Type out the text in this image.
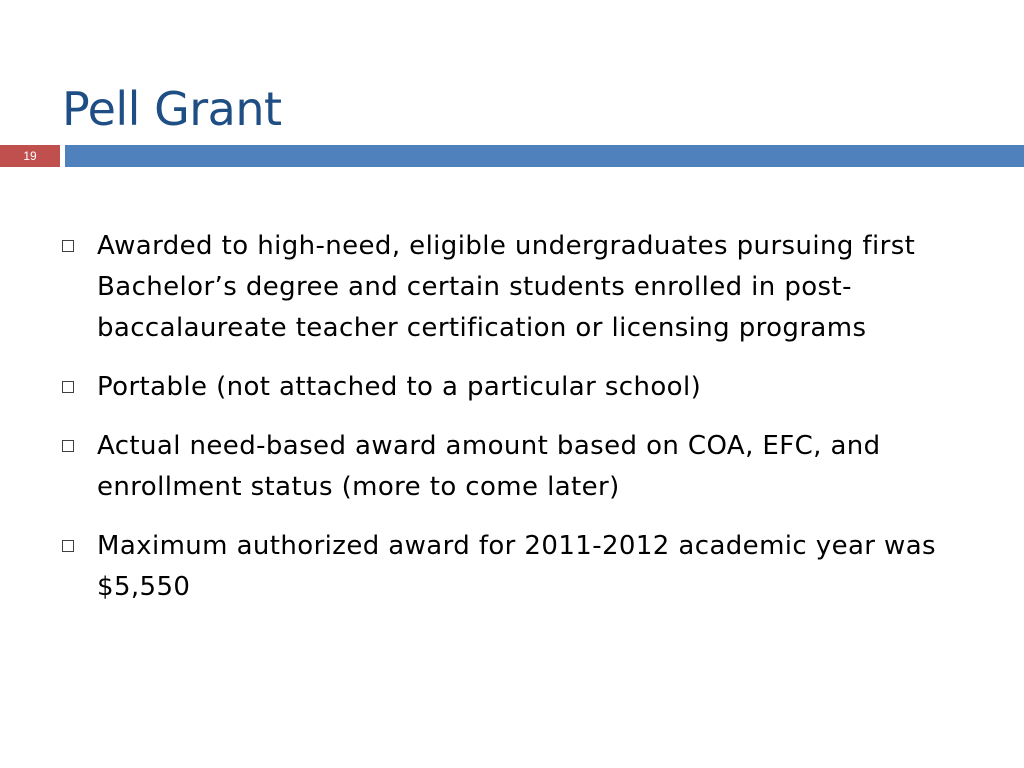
Pell Grant
19
Awarded to high-need, eligible undergraduates pursuing first Bachelor’s degree and certain students enrolled in post-baccalaureate teacher certification or licensing programs
Portable (not attached to a particular school)
Actual need-based award amount based on COA, EFC, and enrollment status (more to come later)
Maximum authorized award for 2011-2012 academic year was $5,550
